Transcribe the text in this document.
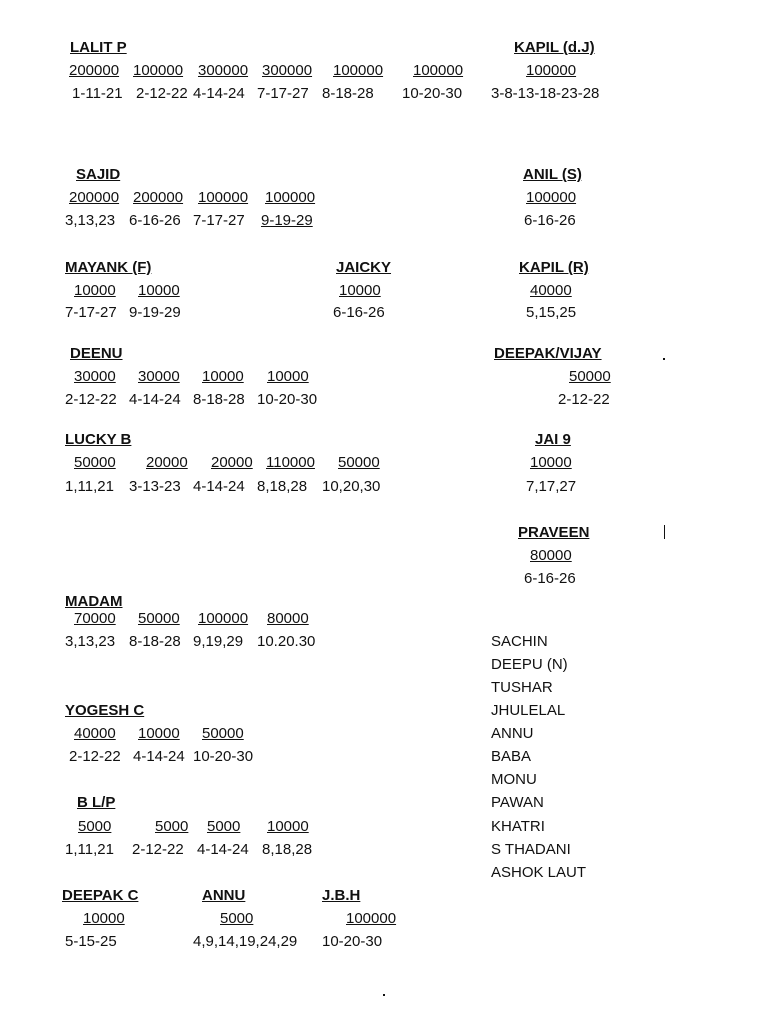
LALIT P
200000 100000 300000 300000 100000 100000
1-11-21 2-12-22 4-14-24 7-17-27 8-18-28 10-20-30
KAPIL (d.J)
100000
3-8-13-18-23-28
SAJID
200000 200000 100000 100000
3,13,23 6-16-26 7-17-27 9-19-29
ANIL (S)
100000
6-16-26
MAYANK (F)
10000 10000
7-17-27 9-19-29
JAICKY
10000
6-16-26
KAPIL (R)
40000
5,15,25
DEENU
30000 30000 10000 10000
2-12-22 4-14-24 8-18-28 10-20-30
DEEPAK/VIJAY
50000
2-12-22
LUCKY B
50000 20000 20000 110000 50000
1,11,21 3-13-23 4-14-24 8,18,28 10,20,30
JAI 9
10000
7,17,27
PRAVEEN
80000
6-16-26
MADAM
70000 50000 100000 80000
3,13,23 8-18-28 9,19,29 10.20.30	SACHIN
DEEPU (N)
TUSHAR
JHULELAL
ANNU
BABA
MONU
PAWAN
KHATRI
S THADANI
ASHOK LAUT
YOGESH C
40000 10000 50000
2-12-22 4-14-24 10-20-30
B L/P
5000	5000 5000 10000
1,11,21 2-12-22 4-14-24 8,18,28
DEEPAK C
10000
5-15-25
ANNU
5000
4,9,14,19,24,29
J.B.H
100000
10-20-30
